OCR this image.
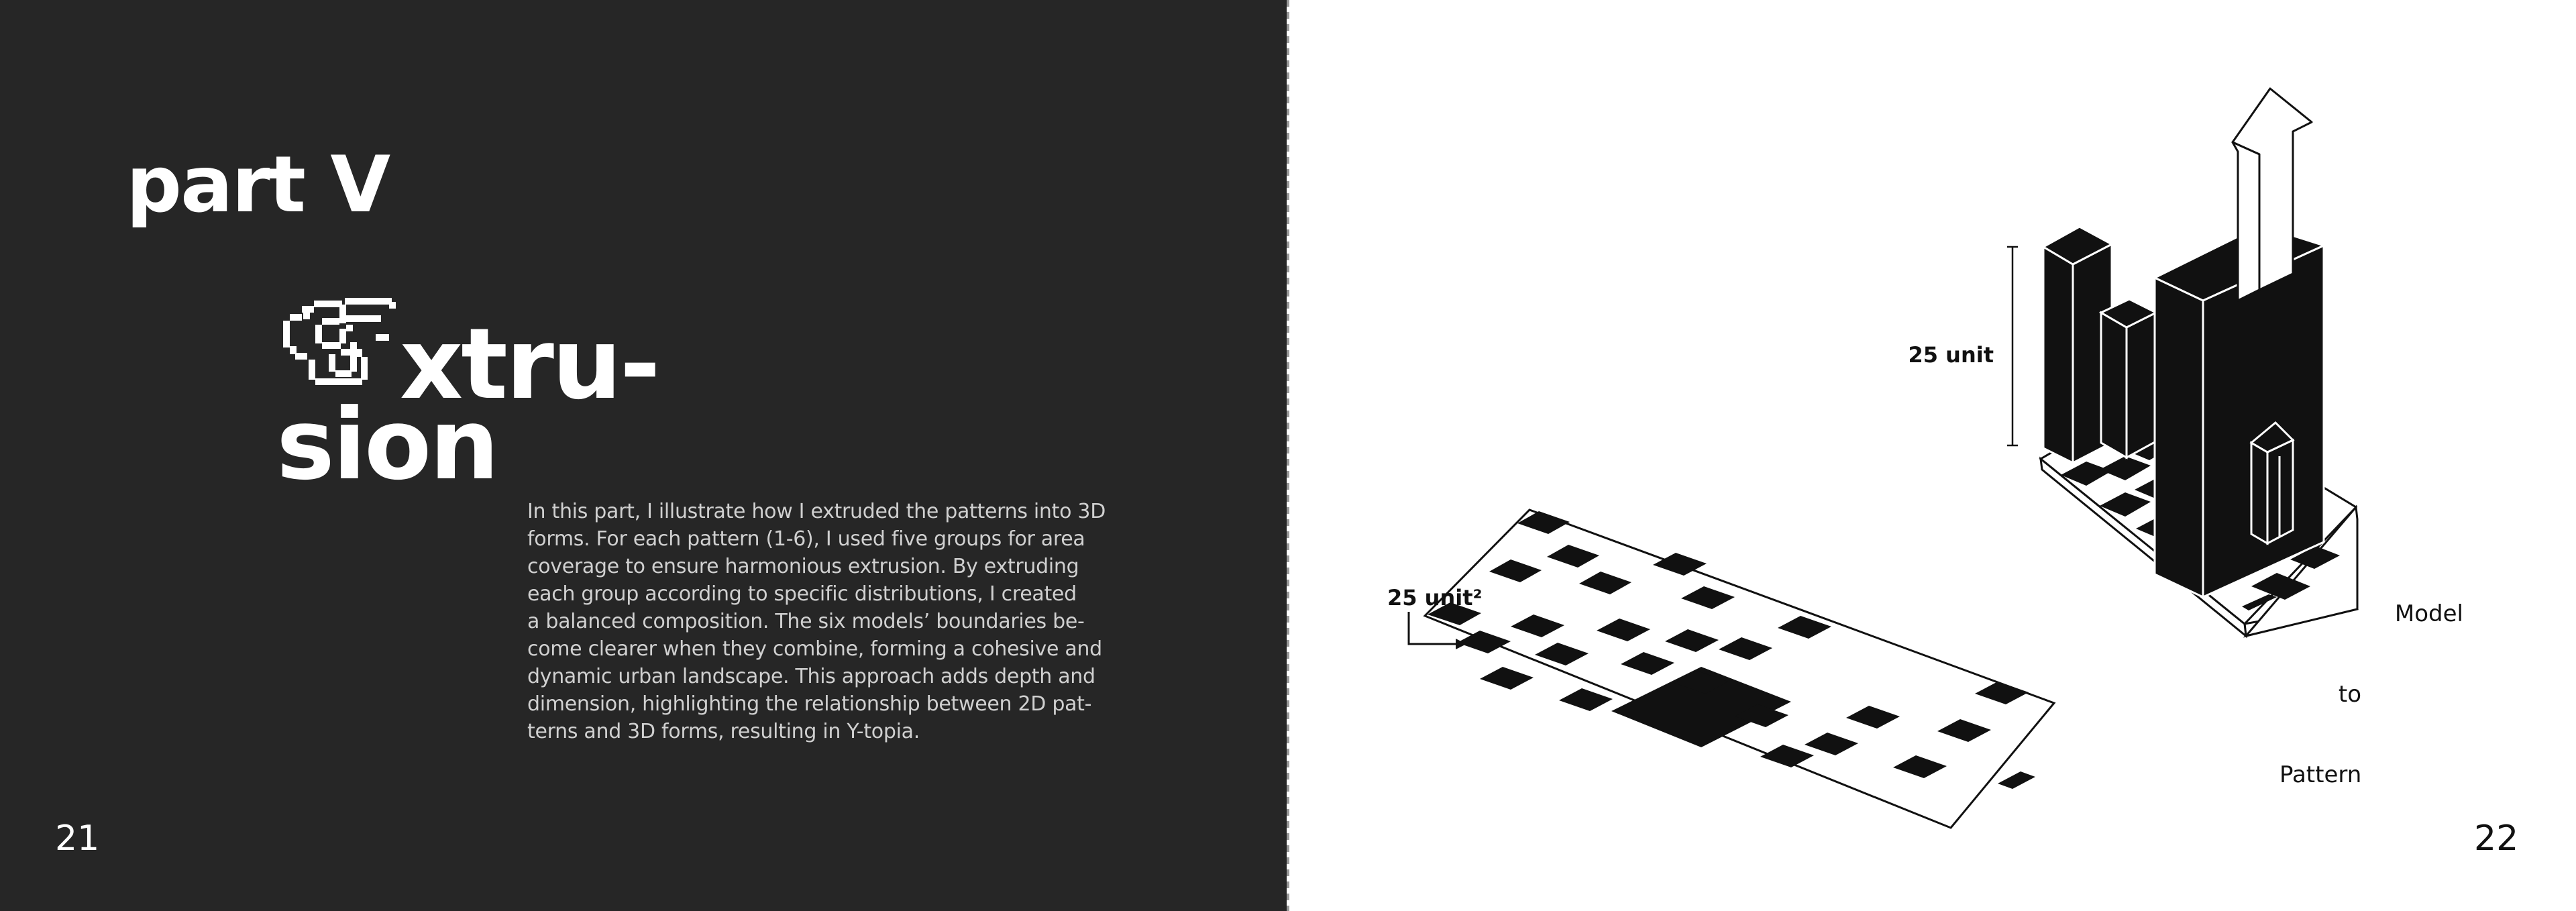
part V
xtru-
sion

In this part, I illustrate how I extruded the patterns into 3D
forms. For each pattern (1-6), I used five groups for area
coverage to ensure harmonious extrusion. By extruding
each group according to specific distributions, I created
a balanced composition. The six models’ boundaries be-
come clearer when they combine, forming a cohesive and
dynamic urban landscape. This approach adds depth and
dimension, highlighting the relationship between 2D pat-
terns and 3D forms, resulting in Y-topia.

21	22
25 unit²
25 unit
Model
to
Pattern
